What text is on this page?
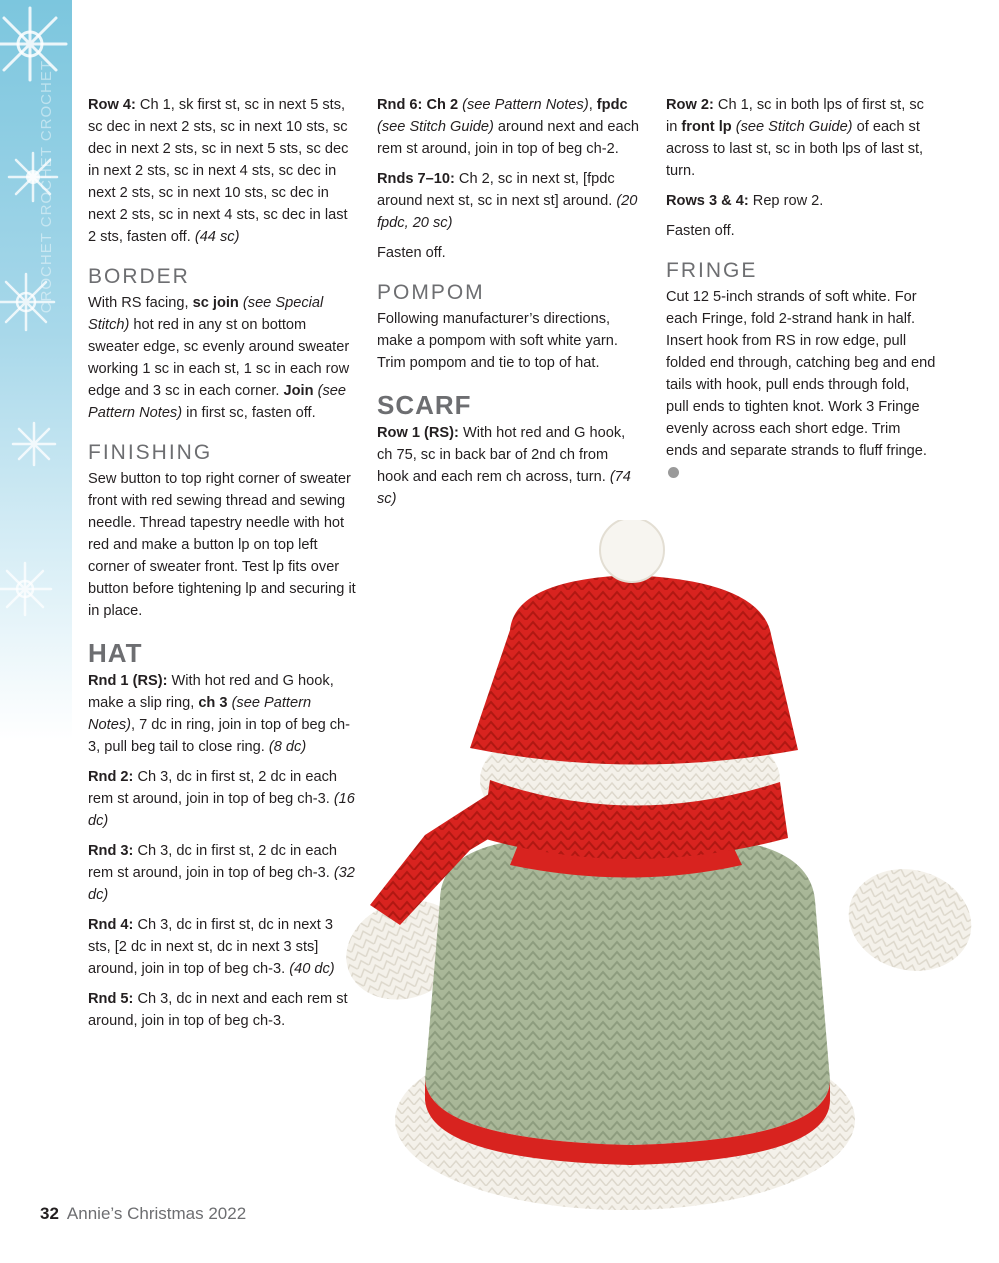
CROCHET CROCHET CROCHET Row 4: Ch 1, sk first st, sc in next 5 sts, sc dec in next 2 sts, sc in next 10 sts, sc dec in next 2 sts, sc in next 5 sts, sc dec in next 2 sts, sc in next 4 sts, sc dec in next 2 sts, sc in next 10 sts, sc dec in next 2 sts, sc in next 4 sts, sc dec in last 2 sts, fasten off. (44 sc)

BORDER

With RS facing, sc join (see Special Stitch) hot red in any st on bottom sweater edge, sc evenly around sweater working 1 sc in each st, 1 sc in each row edge and 3 sc in each corner. Join (see Pattern Notes) in first sc, fasten off.

FINISHING

Sew button to top right corner of sweater front with red sewing thread and sewing needle. Thread tapestry needle with hot red and make a button lp on top left corner of sweater front. Test lp fits over button before tightening lp and securing it in place.

HAT

Rnd 1 (RS): With hot red and G hook, make a slip ring, ch 3 (see Pattern Notes), 7 dc in ring, join in top of beg ch-3, pull beg tail to close ring. (8 dc)

Rnd 2: Ch 3, dc in first st, 2 dc in each rem st around, join in top of beg ch-3. (16 dc)

Rnd 3: Ch 3, dc in first st, 2 dc in each rem st around, join in top of beg ch-3. (32 dc)

Rnd 4: Ch 3, dc in first st, dc in next 3 sts, [2 dc in next st, dc in next 3 sts] around, join in top of beg ch-3. (40 dc)

Rnd 5: Ch 3, dc in next and each rem st around, join in top of beg ch-3.

Rnd 6: Ch 2 (see Pattern Notes), fpdc (see Stitch Guide) around next and each rem st around, join in top of beg ch-2.

Rnds 7–10: Ch 2, sc in next st, [fpdc around next st, sc in next st] around. (20 fpdc, 20 sc)

Fasten off.

POMPOM

Following manufacturer’s directions, make a pompom with soft white yarn. Trim pompom and tie to top of hat.

SCARF

Row 1 (RS): With hot red and G hook, ch 75, sc in back bar of 2nd ch from hook and each rem ch across, turn. (74 sc)

Row 2: Ch 1, sc in both lps of first st, sc in front lp (see Stitch Guide) of each st across to last st, sc in both lps of last st, turn.

Rows 3 & 4: Rep row 2.

Fasten off.

FRINGE

Cut 12 5-inch strands of soft white. For each Fringe, fold 2-strand hank in half. Insert hook from RS in row edge, pull folded end through, catching beg and end tails with hook, pull ends through fold, pull ends to tighten knot. Work 3 Fringe evenly across each short edge. Trim ends and separate strands to fluff fringe.

32 Annie’s Christmas 2022
